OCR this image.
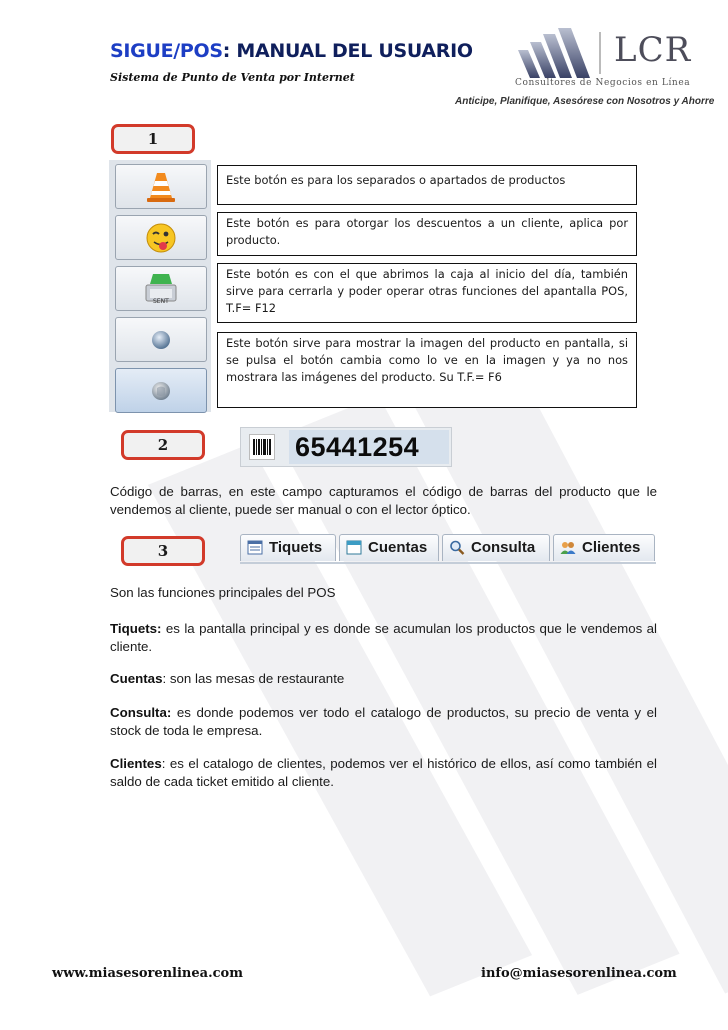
SIGUE/POS: MANUAL DEL USUARIO
Sistema de Punto de Venta por Internet
LCR
Consultores de Negocios en Línea
Anticipe, Planifique, Asesórese con Nosotros y Ahorre
1
SENT
Este botón es para los separados o apartados de productos
Este botón es para otorgar los descuentos a un cliente, aplica por producto.
Este botón es con el que abrimos la caja al inicio del día, también sirve para cerrarla y poder operar otras funciones del apantalla POS, T.F= F12
Este botón sirve para mostrar la imagen del producto en pantalla, si se pulsa el botón cambia como lo ve en la imagen y ya no nos mostrara las imágenes del producto. Su T.F.= F6
2	65441254
Código de barras, en este campo capturamos el código de barras del producto que le vendemos al cliente, puede ser manual o con el lector óptico.
3	Tiquets	Cuentas	Consulta	Clientes
Son las funciones principales del POS
Tiquets: es la pantalla principal y es donde se acumulan los productos que le vendemos al cliente.
Cuentas: son las mesas de restaurante
Consulta: es donde podemos ver todo el catalogo de productos, su precio de venta y el stock de toda le empresa.
Clientes: es el catalogo de clientes, podemos ver el histórico de ellos, así como también el saldo de cada ticket emitido al cliente.
www.miasesorenlinea.com	info@miasesorenlinea.com
